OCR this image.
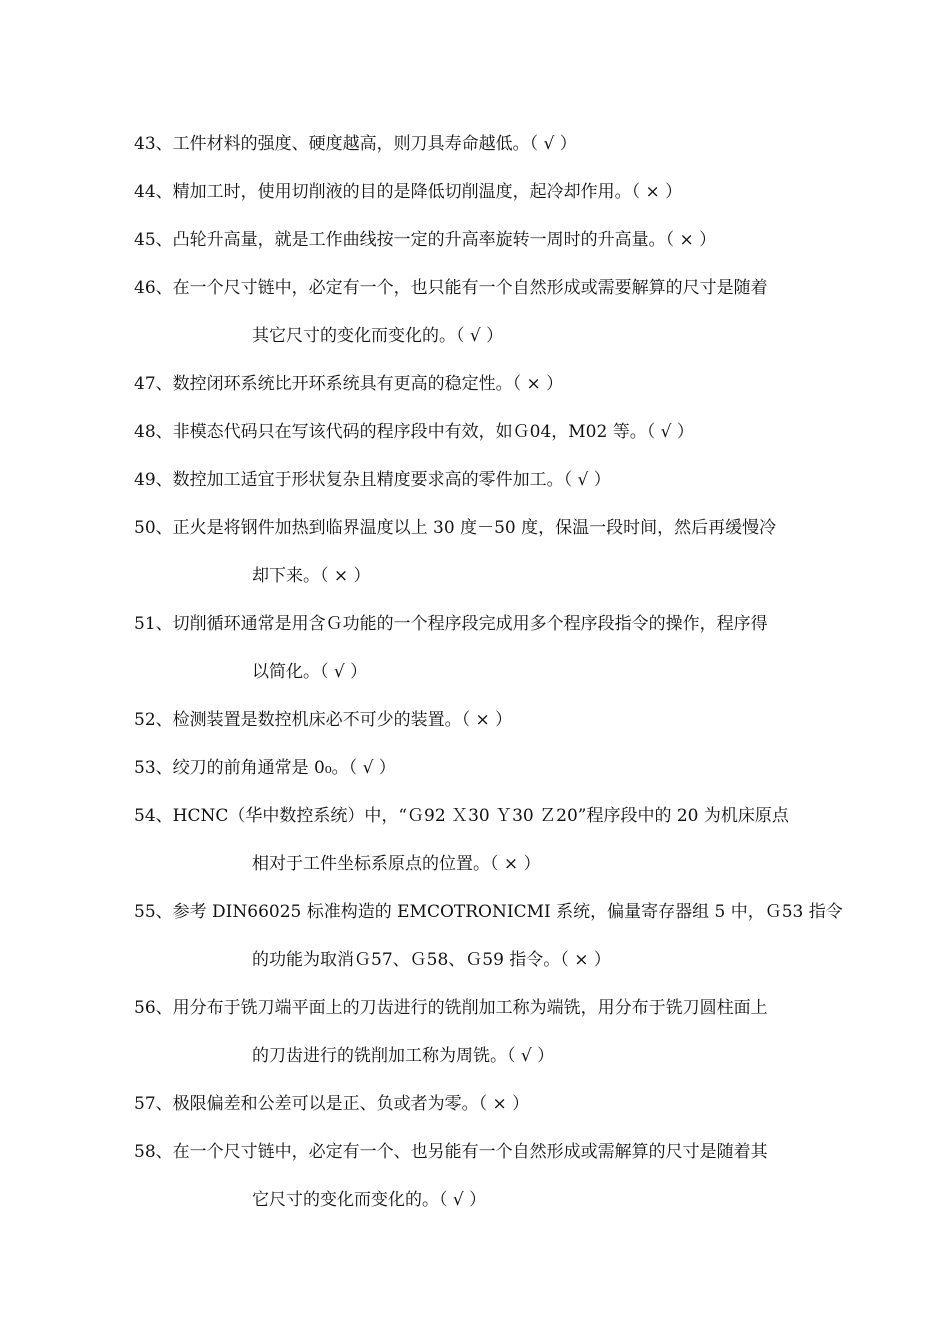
43、工件材料的强度、硬度越高，则刀具寿命越低。（ √ ）
44、精加工时，使用切削液的目的是降低切削温度，起冷却作用。（ × ）
45、凸轮升高量，就是工作曲线按一定的升高率旋转一周时的升高量。（ × ）
46、在一个尺寸链中，必定有一个，也只能有一个自然形成或需要解算的尺寸是随着
其它尺寸的变化而变化的。（ √ ）
47、数控闭环系统比开环系统具有更高的稳定性。（ × ）
48、非模态代码只在写该代码的程序段中有效，如Ｇ04，M02 等。（ √ ）
49、数控加工适宜于形状复杂且精度要求高的零件加工。（ √ ）
50、正火是将钢件加热到临界温度以上 30 度－50 度，保温一段时间，然后再缓慢冷
却下来。（ × ）
51、切削循环通常是用含Ｇ功能的一个程序段完成用多个程序段指令的操作，程序得
以简化。（ √ ）
52、检测装置是数控机床必不可少的装置。（ × ）
53、绞刀的前角通常是 0₀。（ √ ）
54、HCNC（华中数控系统）中，“Ｇ92 Ｘ30 Ｙ30 Ｚ20”程序段中的 20 为机床原点
相对于工件坐标系原点的位置。（ × ）
55、参考 DIN66025 标准构造的 EMCOTRONICMI 系统，偏量寄存器组 5 中，Ｇ53 指令
的功能为取消Ｇ57、Ｇ58、Ｇ59 指令。（ × ）
56、用分布于铣刀端平面上的刀齿进行的铣削加工称为端铣，用分布于铣刀圆柱面上
的刀齿进行的铣削加工称为周铣。（ √ ）
57、极限偏差和公差可以是正、负或者为零。（ × ）
58、在一个尺寸链中，必定有一个、也另能有一个自然形成或需解算的尺寸是随着其
它尺寸的变化而变化的。（ √ ）
